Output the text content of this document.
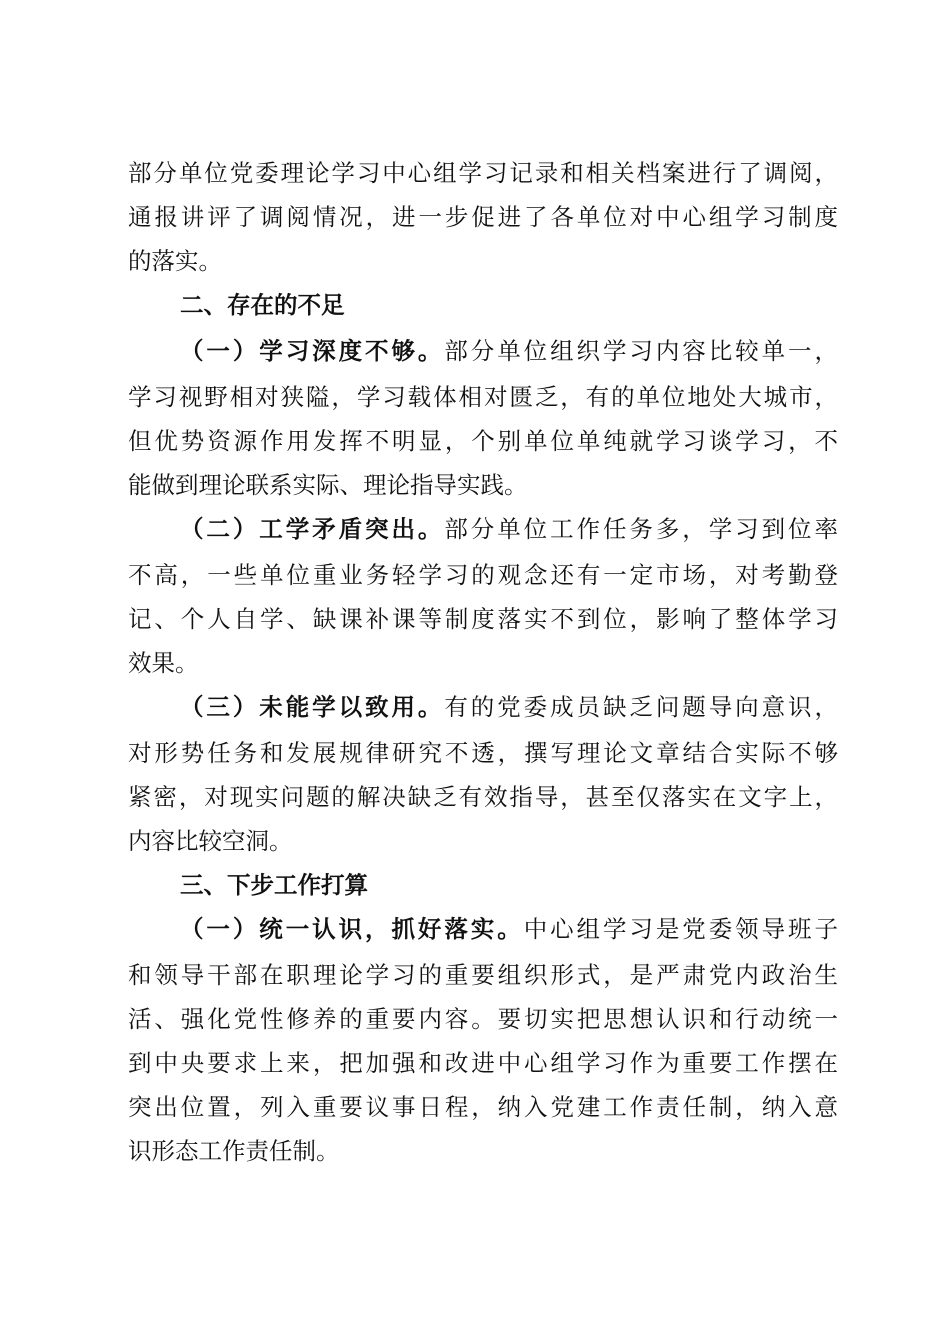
部分单位党委理论学习中心组学习记录和相关档案进行了调阅，
通报讲评了调阅情况，进一步促进了各单位对中心组学习制度
的落实。
二、存在的不足
（一）学习深度不够。部分单位组织学习内容比较单一，
学习视野相对狭隘，学习载体相对匮乏，有的单位地处大城市，
但优势资源作用发挥不明显，个别单位单纯就学习谈学习，不
能做到理论联系实际、理论指导实践。
（二）工学矛盾突出。部分单位工作任务多，学习到位率
不高，一些单位重业务轻学习的观念还有一定市场，对考勤登
记、个人自学、缺课补课等制度落实不到位，影响了整体学习
效果。
（三）未能学以致用。有的党委成员缺乏问题导向意识，
对形势任务和发展规律研究不透，撰写理论文章结合实际不够
紧密，对现实问题的解决缺乏有效指导，甚至仅落实在文字上，
内容比较空洞。
三、下步工作打算
（一）统一认识，抓好落实。中心组学习是党委领导班子
和领导干部在职理论学习的重要组织形式，是严肃党内政治生
活、强化党性修养的重要内容。要切实把思想认识和行动统一
到中央要求上来，把加强和改进中心组学习作为重要工作摆在
突出位置，列入重要议事日程，纳入党建工作责任制，纳入意
识形态工作责任制。
